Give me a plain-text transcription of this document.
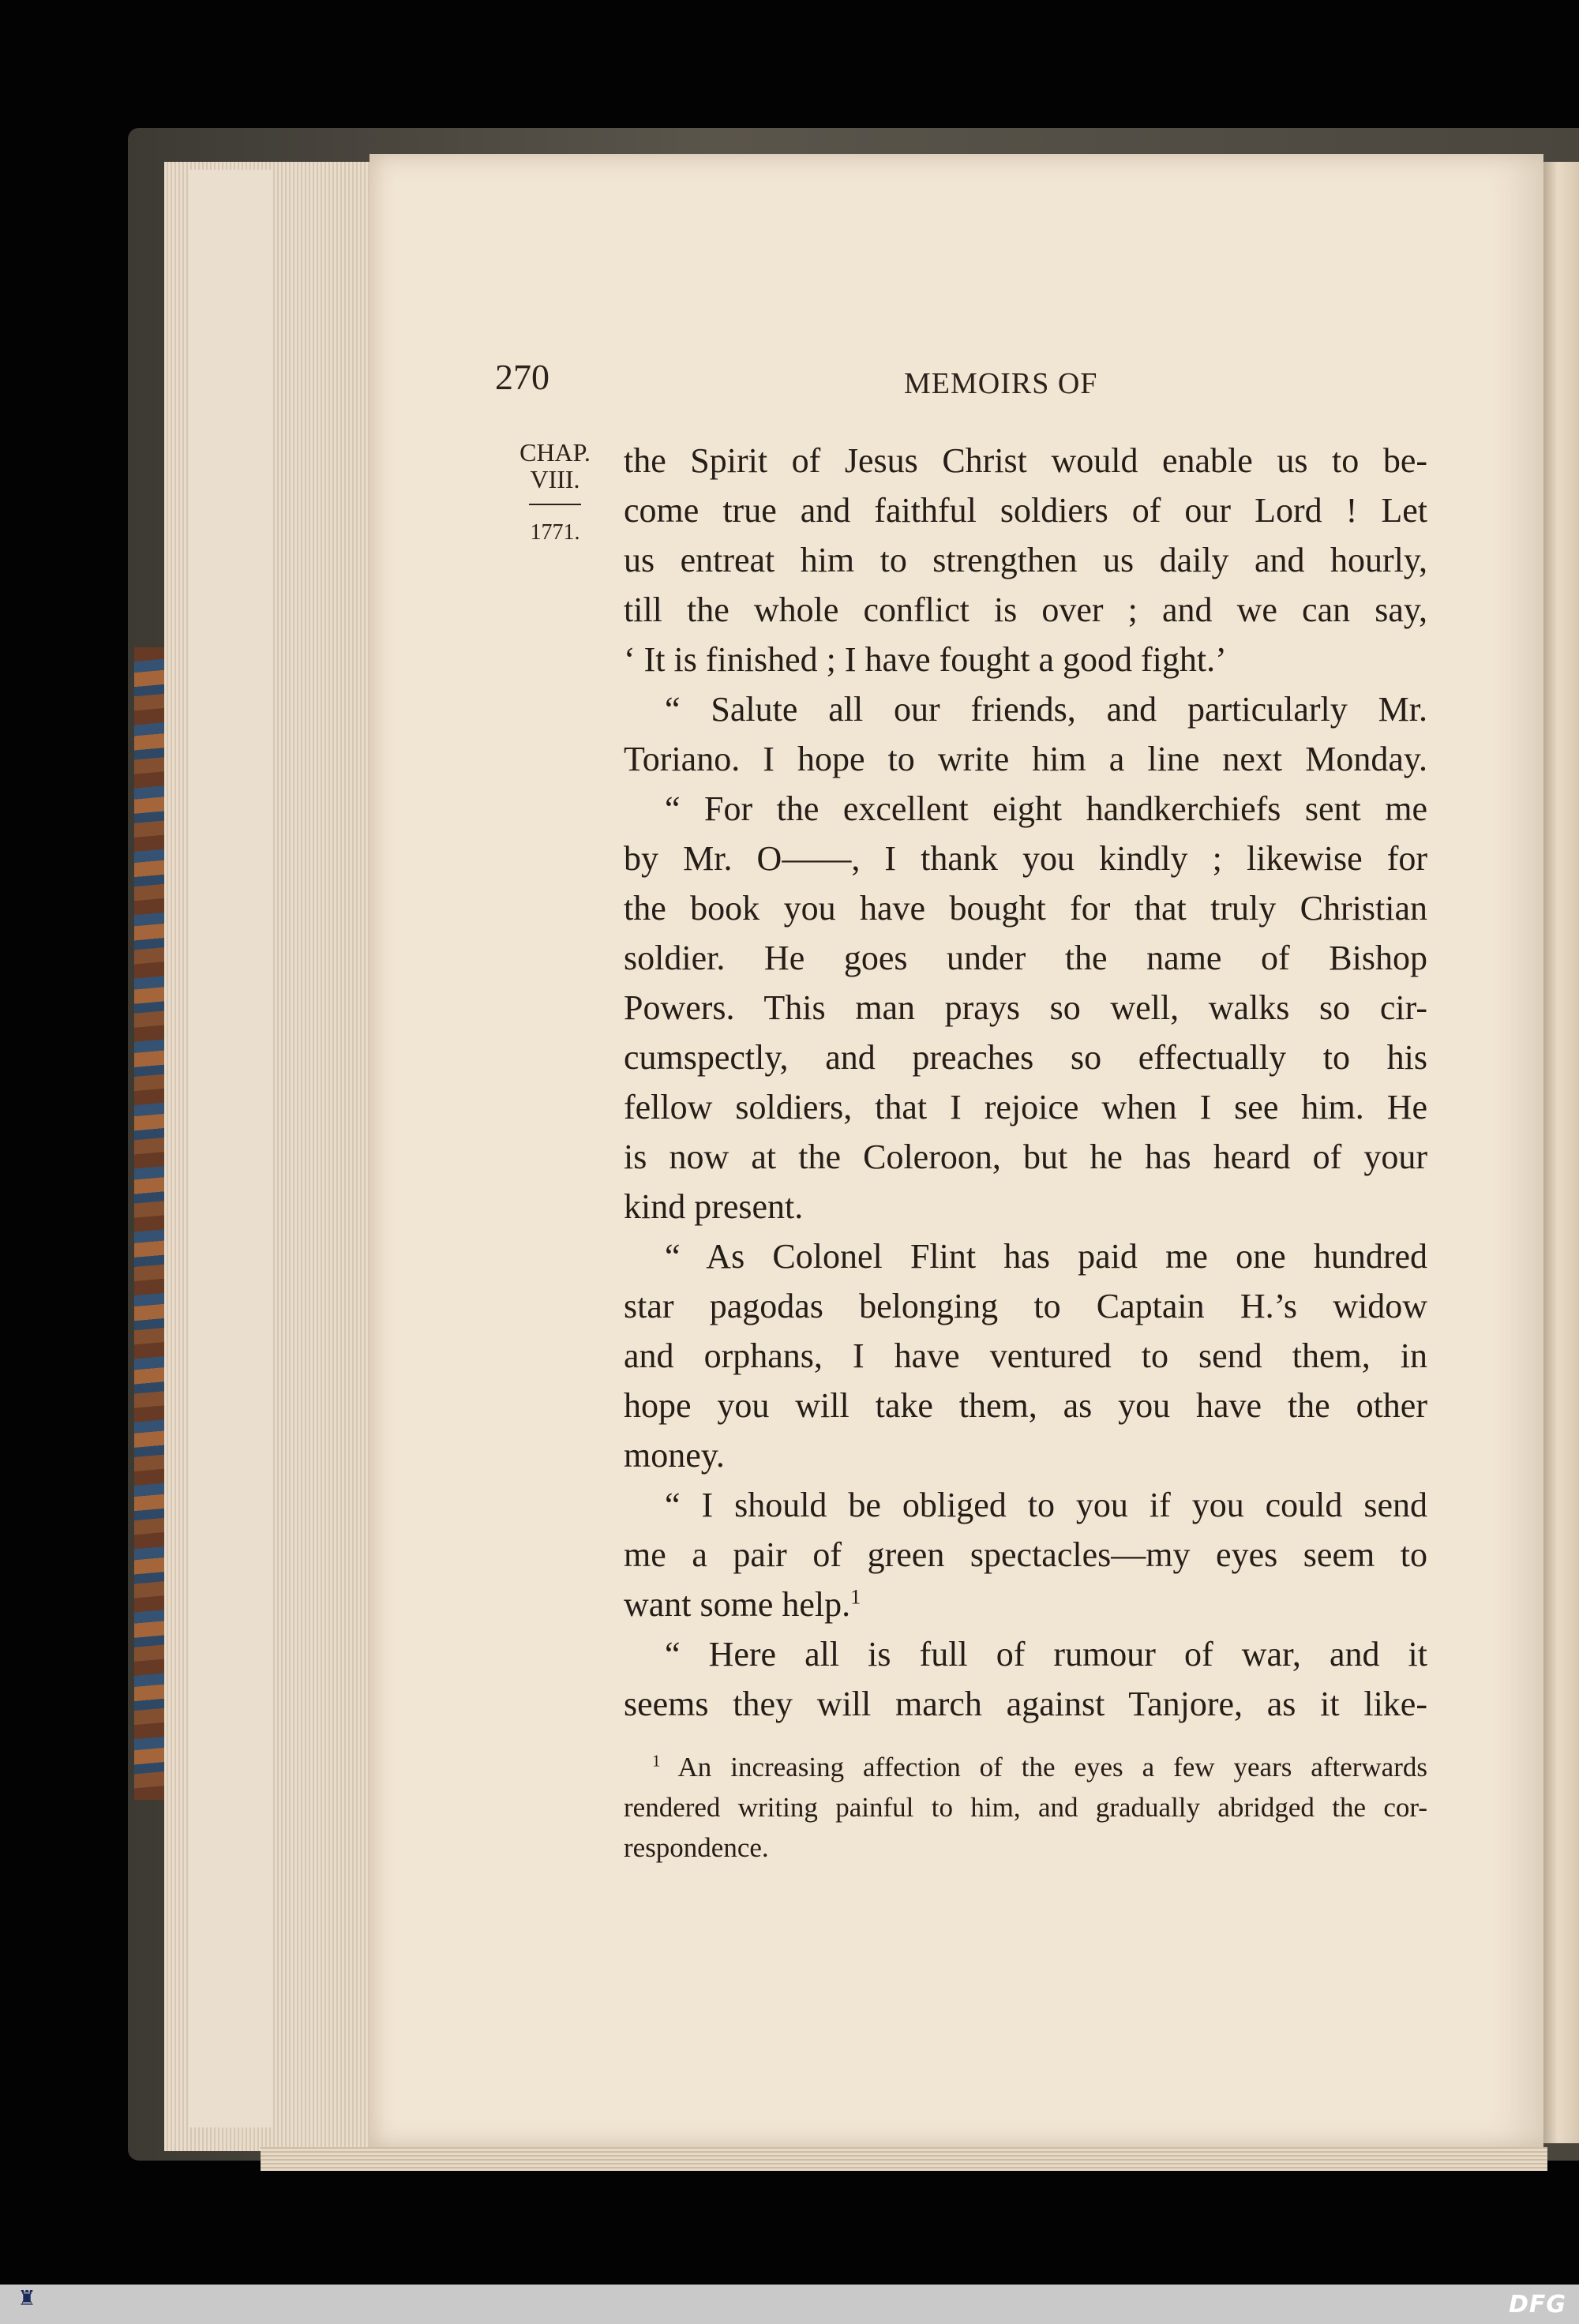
270	MEMOIRS OF
CHAP.
VIII.
1771.
the Spirit of Jesus Christ would enable us to be-
come true and faithful soldiers of our Lord ! Let
us entreat him to strengthen us daily and hourly,
till the whole conflict is over ; and we can say,
‘ It is finished ; I have fought a good fight.’
“ Salute all our friends, and particularly Mr.
Toriano. I hope to write him a line next Monday.
“ For the excellent eight handkerchiefs sent me
by Mr. O——, I thank you kindly ; likewise for
the book you have bought for that truly Christian
soldier. He goes under the name of Bishop
Powers. This man prays so well, walks so cir-
cumspectly, and preaches so effectually to his
fellow soldiers, that I rejoice when I see him. He
is now at the Coleroon, but he has heard of your
kind present.
“ As Colonel Flint has paid me one hundred
star pagodas belonging to Captain H.’s widow
and orphans, I have ventured to send them, in
hope you will take them, as you have the other
money.
“ I should be obliged to you if you could send
me a pair of green spectacles—my eyes seem to
want some help.$^1$
“ Here all is full of rumour of war, and it
seems they will march against Tanjore, as it like-
$^1$ An increasing affection of the eyes a few years afterwards
rendered writing painful to him, and gradually abridged the cor-
respondence.
♜	DFG
